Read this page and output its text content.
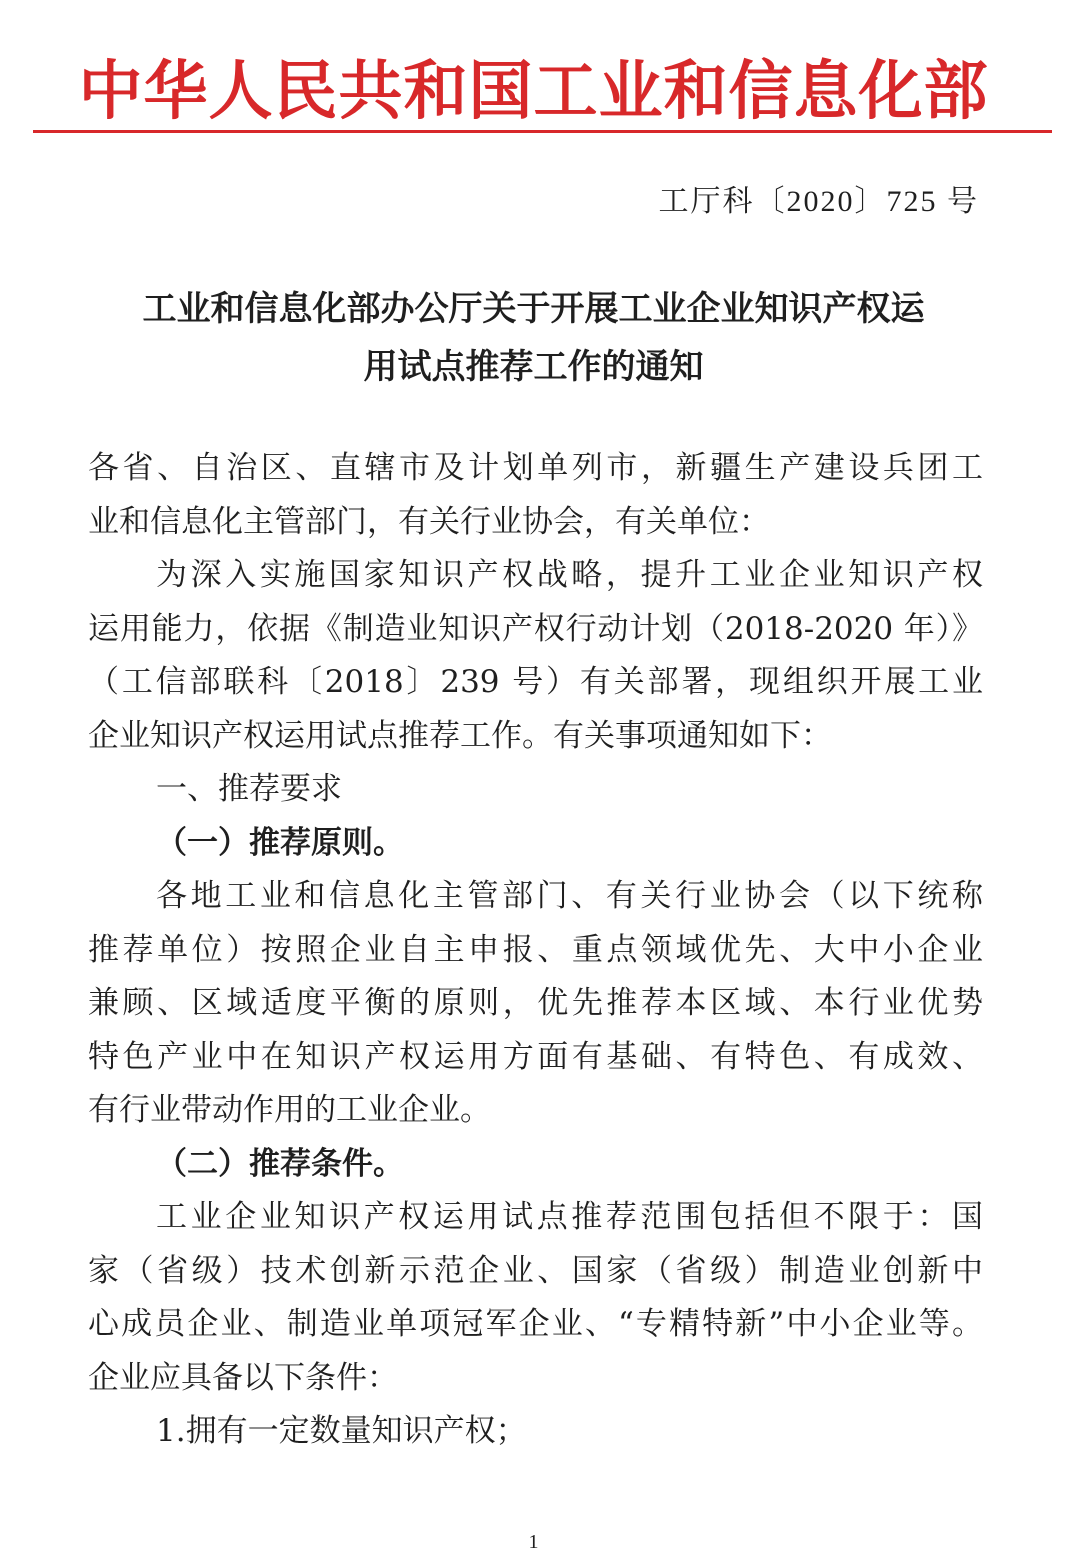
中华人民共和国工业和信息化部
工厅科〔2020〕725 号
工业和信息化部办公厅关于开展工业企业知识产权运
用试点推荐工作的通知
各省、自治区、直辖市及计划单列市，新疆生产建设兵团工
业和信息化主管部门，有关行业协会，有关单位：
为深入实施国家知识产权战略，提升工业企业知识产权
运用能力，依据《制造业知识产权行动计划（2018-2020 年）》
（工信部联科〔2018〕239 号）有关部署，现组织开展工业
企业知识产权运用试点推荐工作。有关事项通知如下：
一、推荐要求
（一）推荐原则。
各地工业和信息化主管部门、有关行业协会（以下统称
推荐单位）按照企业自主申报、重点领域优先、大中小企业
兼顾、区域适度平衡的原则，优先推荐本区域、本行业优势
特色产业中在知识产权运用方面有基础、有特色、有成效、
有行业带动作用的工业企业。
（二）推荐条件。
工业企业知识产权运用试点推荐范围包括但不限于：国
家（省级）技术创新示范企业、国家（省级）制造业创新中
心成员企业、制造业单项冠军企业、“专精特新”中小企业等。
企业应具备以下条件：
1.拥有一定数量知识产权；
1
